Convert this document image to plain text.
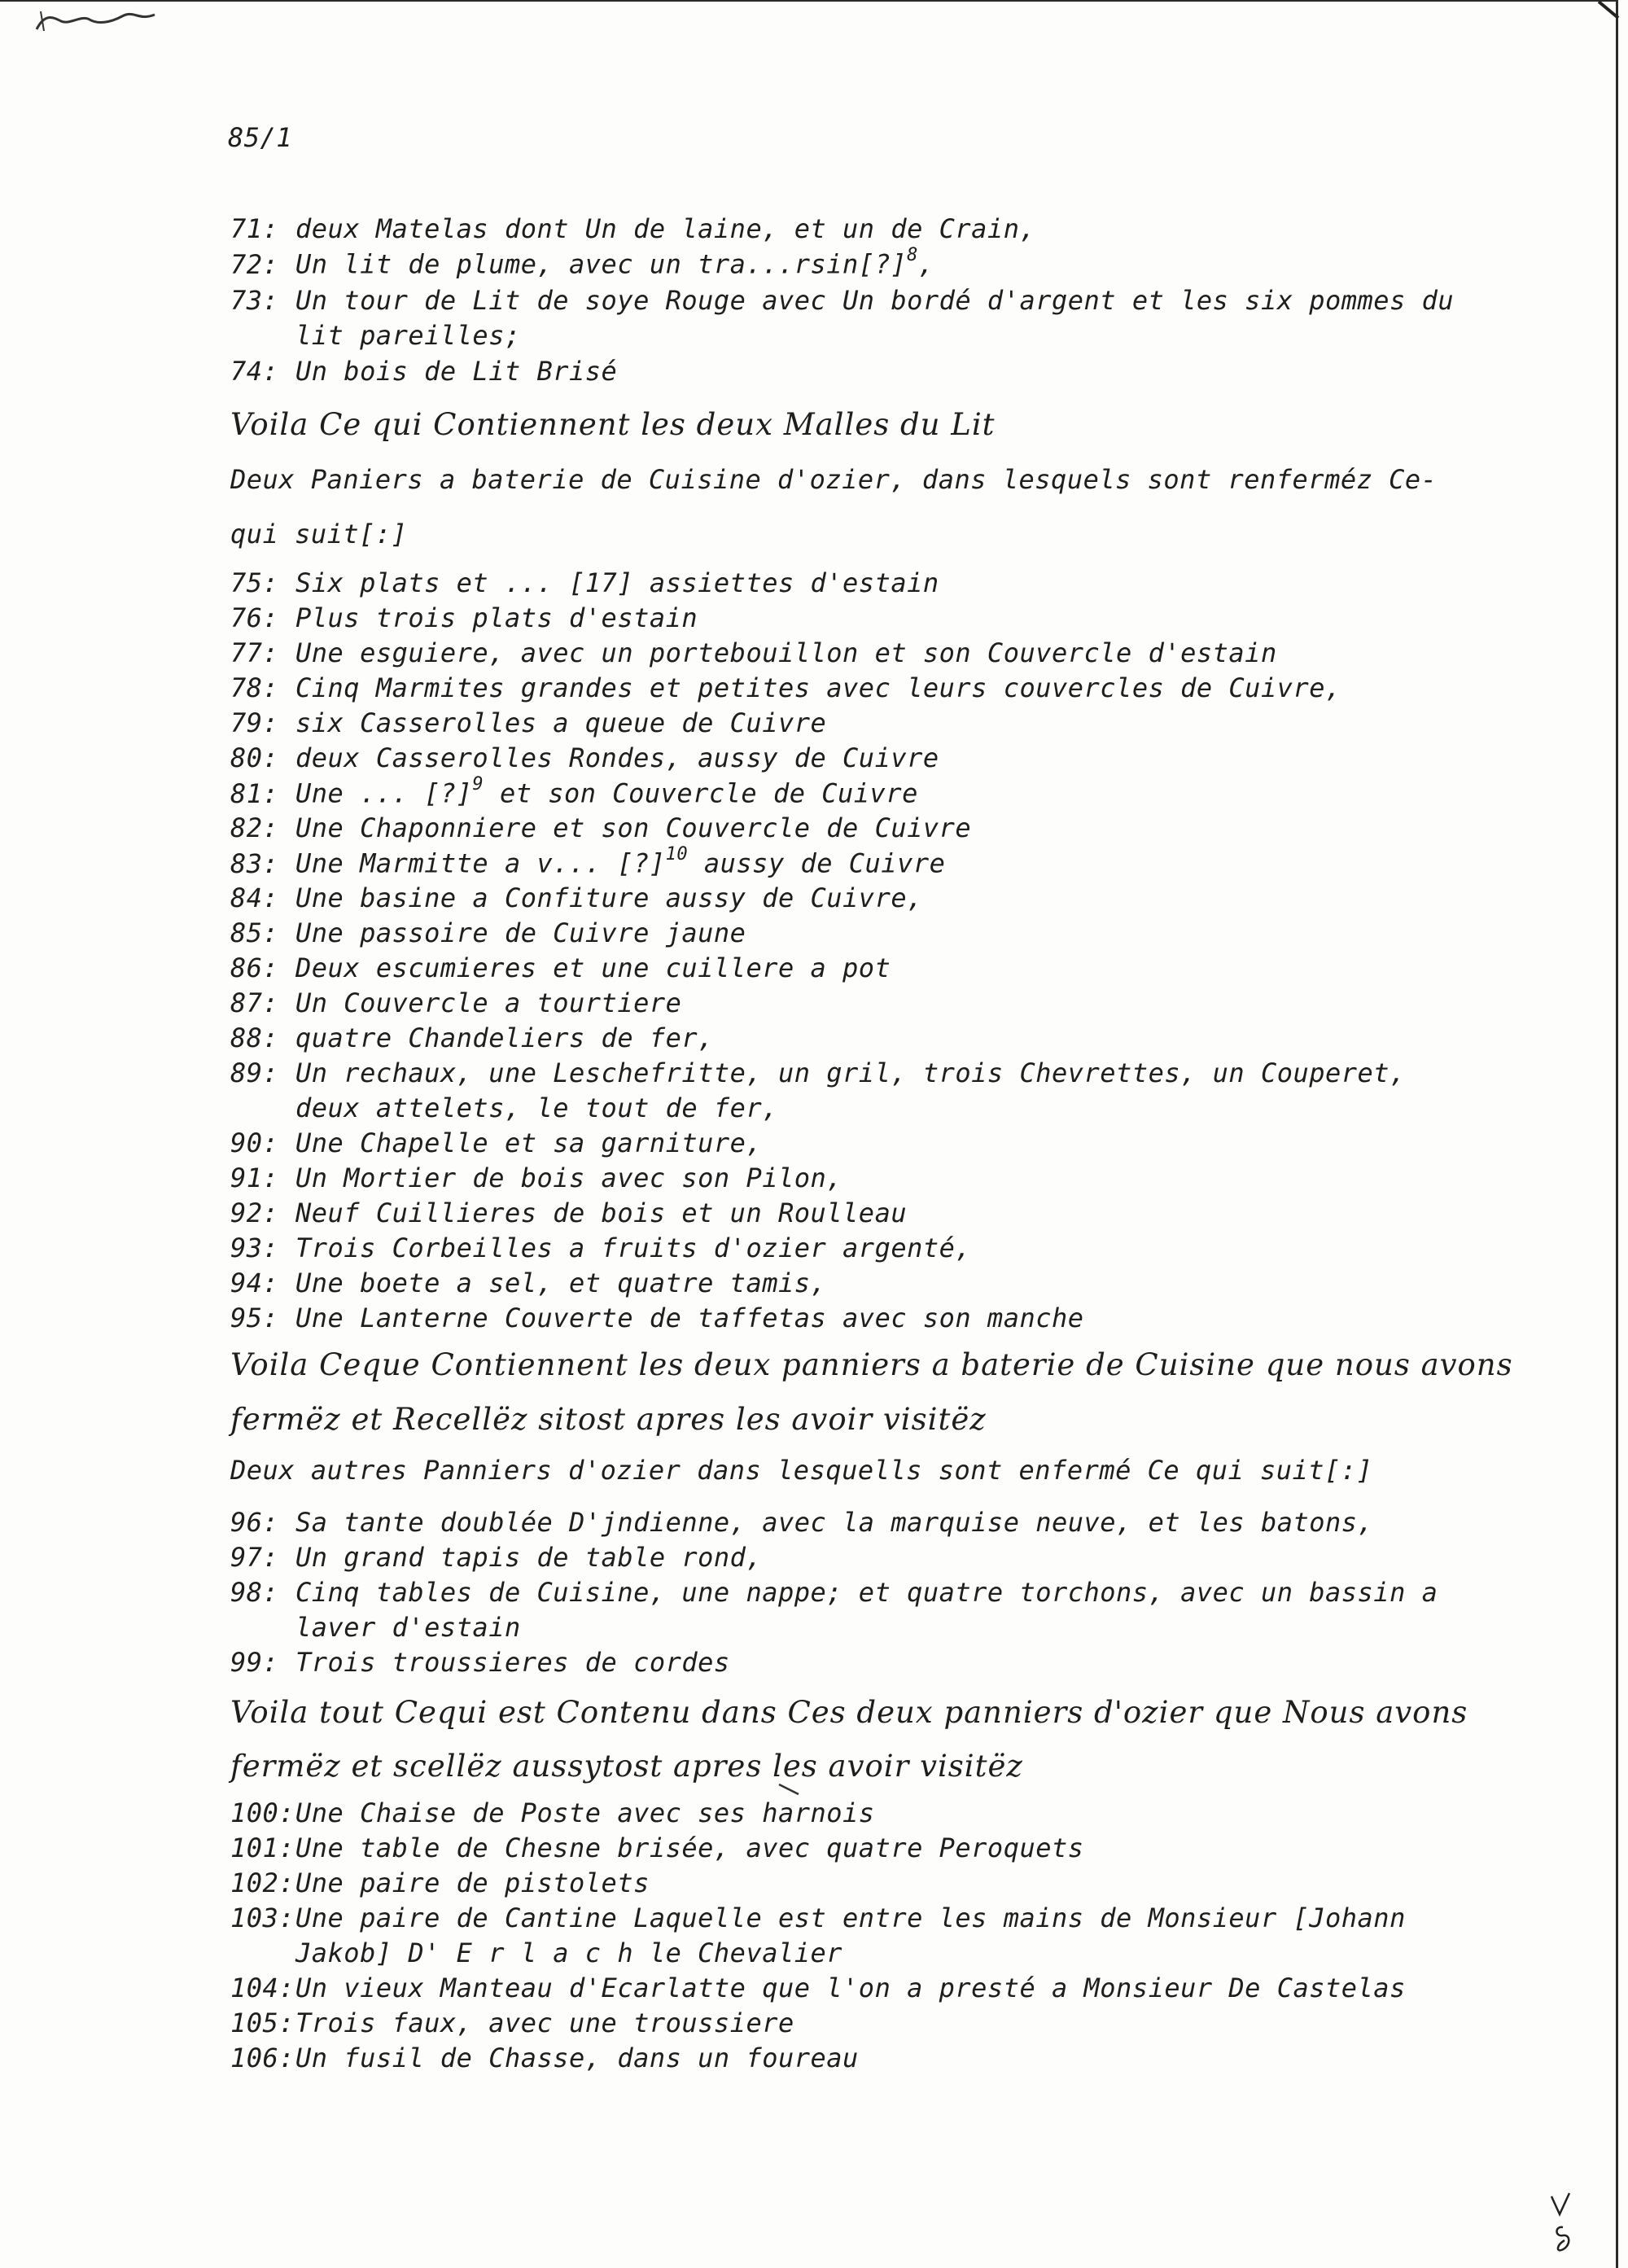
85/1
71: deux Matelas dont Un de laine, et un de Crain,
72: Un lit de plume, avec un tra...rsin[?]$^8$,
73: Un tour de Lit de soye Rouge avec Un bordé d'argent et les six pommes du
lit pareilles;
74: Un bois de Lit Brisé
Voila Ce qui Contiennent les deux Malles du Lit
Deux Paniers a baterie de Cuisine d'ozier, dans lesquels sont renferméz Ce-
qui suit[:]
75: Six plats et ... [17] assiettes d'estain
76: Plus trois plats d'estain
77: Une esguiere, avec un portebouillon et son Couvercle d'estain
78: Cinq Marmites grandes et petites avec leurs couvercles de Cuivre,
79: six Casserolles a queue de Cuivre
80: deux Casserolles Rondes, aussy de Cuivre
81: Une ... [?]$^9$ et son Couvercle de Cuivre
82: Une Chaponniere et son Couvercle de Cuivre
83: Une Marmitte a v... [?]$^{10}$ aussy de Cuivre
84: Une basine a Confiture aussy de Cuivre,
85: Une passoire de Cuivre jaune
86: Deux escumieres et une cuillere a pot
87: Un Couvercle a tourtiere
88: quatre Chandeliers de fer,
89: Un rechaux, une Leschefritte, un gril, trois Chevrettes, un Couperet,
deux attelets, le tout de fer,
90: Une Chapelle et sa garniture,
91: Un Mortier de bois avec son Pilon,
92: Neuf Cuillieres de bois et un Roulleau
93: Trois Corbeilles a fruits d'ozier argenté,
94: Une boete a sel, et quatre tamis,
95: Une Lanterne Couverte de taffetas avec son manche
Voila Ceque Contiennent les deux panniers a baterie de Cuisine que nous avons
fermëz et Recellëz sitost apres les avoir visitëz
Deux autres Panniers d'ozier dans lesquells sont enfermé Ce qui suit[:]
96: Sa tante doublée D'jndienne, avec la marquise neuve, et les batons,
97: Un grand tapis de table rond,
98: Cinq tables de Cuisine, une nappe; et quatre torchons, avec un bassin a
laver d'estain
99: Trois troussieres de cordes
Voila tout Cequi est Contenu dans Ces deux panniers d'ozier que Nous avons
fermëz et scellëz aussytost apres les avoir visitëz
100:Une Chaise de Poste avec ses harnois
101:Une table de Chesne brisée, avec quatre Peroquets
102:Une paire de pistolets
103:Une paire de Cantine Laquelle est entre les mains de Monsieur [Johann
Jakob] D' E r l a c h le Chevalier
104:Un vieux Manteau d'Ecarlatte que l'on a presté a Monsieur De Castelas
105:Trois faux, avec une troussiere
106:Un fusil de Chasse, dans un foureau
